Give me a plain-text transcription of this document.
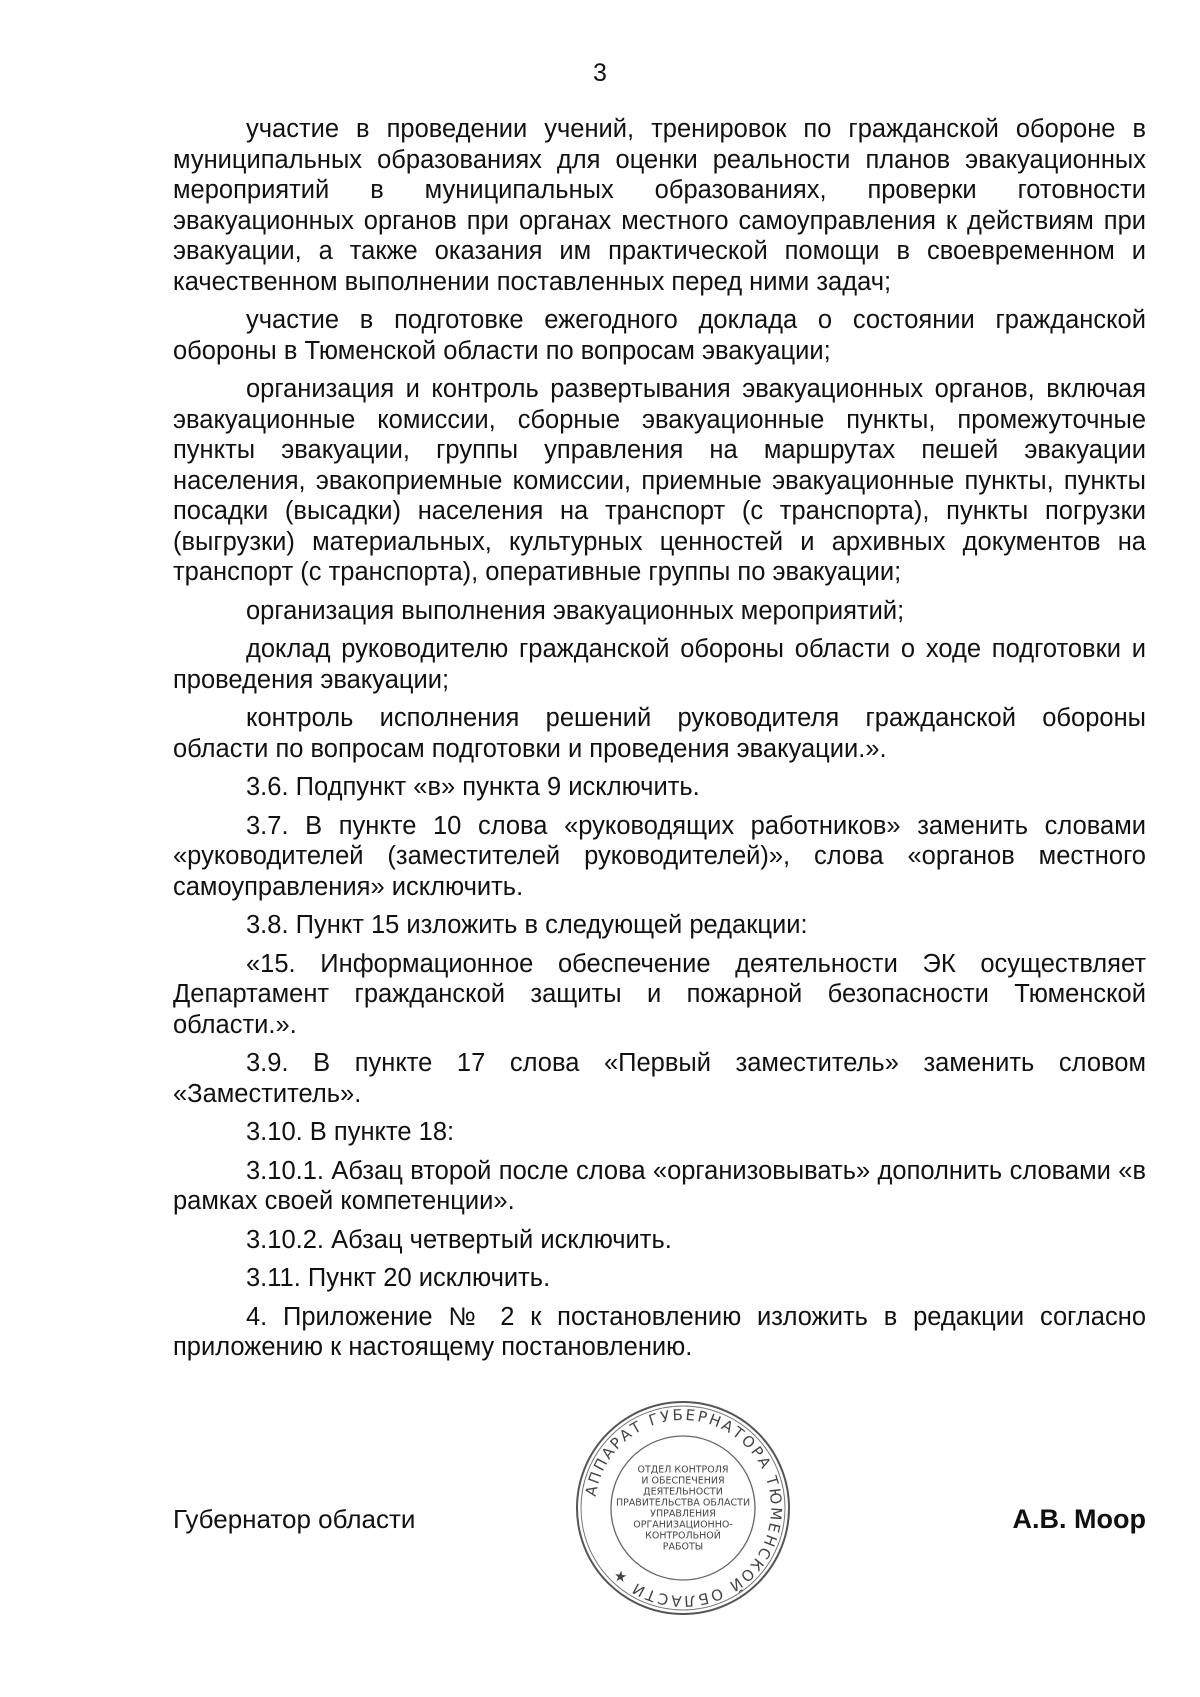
3

участие в проведении учений, тренировок по гражданской обороне в муниципальных образованиях для оценки реальности планов эвакуационных мероприятий в муниципальных образованиях, проверки готовности эвакуационных органов при органах местного самоуправления к действиям при эвакуации, а также оказания им практической помощи в своевременном и качественном выполнении поставленных перед ними задач;

участие в подготовке ежегодного доклада о состоянии гражданской обороны в Тюменской области по вопросам эвакуации;

организация и контроль развертывания эвакуационных органов, включая эвакуационные комиссии, сборные эвакуационные пункты, промежуточные пункты эвакуации, группы управления на маршрутах пешей эвакуации населения, эвакоприемные комиссии, приемные эвакуационные пункты, пункты посадки (высадки) населения на транспорт (с транспорта), пункты погрузки (выгрузки) материальных, культурных ценностей и архивных документов на транспорт (с транспорта), оперативные группы по эвакуации;

организация выполнения эвакуационных мероприятий;

доклад руководителю гражданской обороны области о ходе подготовки и проведения эвакуации;

контроль исполнения решений руководителя гражданской обороны области по вопросам подготовки и проведения эвакуации.».

3.6. Подпункт «в» пункта 9 исключить.

3.7. В пункте 10 слова «руководящих работников» заменить словами «руководителей (заместителей руководителей)», слова «органов местного самоуправления» исключить.

3.8. Пункт 15 изложить в следующей редакции:

«15. Информационное обеспечение деятельности ЭК осуществляет Департамент гражданской защиты и пожарной безопасности Тюменской области.».

3.9. В пункте 17 слова «Первый заместитель» заменить словом «Заместитель».

3.10. В пункте 18:

3.10.1. Абзац второй после слова «организовывать» дополнить словами «в рамках своей компетенции».

3.10.2. Абзац четвертый исключить.

3.11. Пункт 20 исключить.

4. Приложение № 2 к постановлению изложить в редакции согласно приложению к настоящему постановлению.

Губернатор области	А.В. Моор
АППАРАТ ГУБЕРНАТОРА ТЮМЕНСКОЙ ОБЛАСТИ ★
ОТДЕЛ КОНТРОЛЯ
И ОБЕСПЕЧЕНИЯ
ДЕЯТЕЛЬНОСТИ
ПРАВИТЕЛЬСТВА ОБЛАСТИ
УПРАВЛЕНИЯ
ОРГАНИЗАЦИОННО-
КОНТРОЛЬНОЙ
РАБОТЫ
